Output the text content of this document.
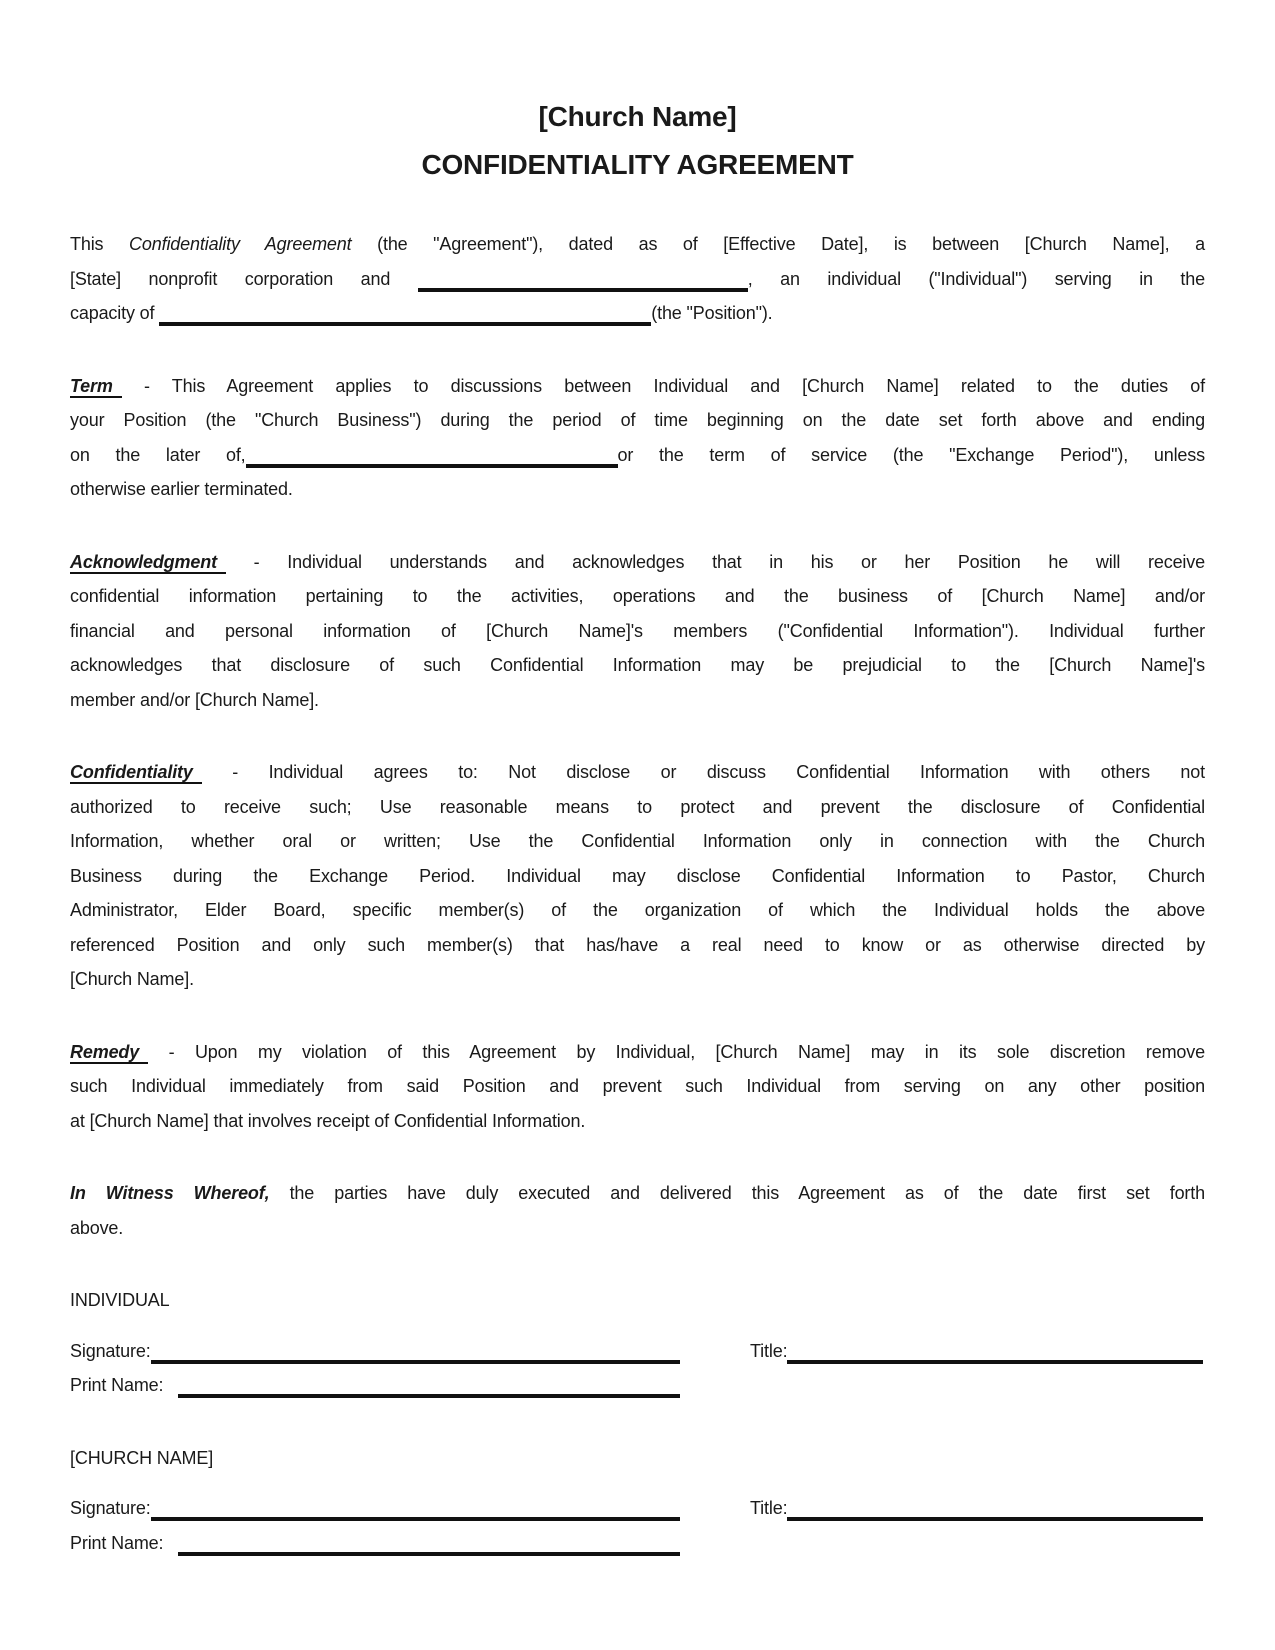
[Church Name]
CONFIDENTIALITY AGREEMENT
This Confidentiality Agreement (the "Agreement"), dated as of [Effective Date], is between [Church Name], a
[State] nonprofit corporation and	, an individual ("Individual") serving in the
capacity of	(the "Position").
Term - This Agreement applies to discussions between Individual and [Church Name] related to the duties of
your Position (the "Church Business") during the period of time beginning on the date set forth above and ending
on the later of,	or the term of service (the "Exchange Period"), unless
otherwise earlier terminated.
Acknowledgment - Individual understands and acknowledges that in his or her Position he will receive
confidential information pertaining to the activities, operations and the business of [Church Name] and/or
financial and personal information of [Church Name]'s members ("Confidential Information"). Individual further
acknowledges that disclosure of such Confidential Information may be prejudicial to the [Church Name]'s
member and/or [Church Name].
Confidentiality - Individual agrees to: Not disclose or discuss Confidential Information with others not
authorized to receive such; Use reasonable means to protect and prevent the disclosure of Confidential
Information, whether oral or written; Use the Confidential Information only in connection with the Church
Business during the Exchange Period. Individual may disclose Confidential Information to Pastor, Church
Administrator, Elder Board, specific member(s) of the organization of which the Individual holds the above
referenced Position and only such member(s) that has/have a real need to know or as otherwise directed by
[Church Name].
Remedy - Upon my violation of this Agreement by Individual, [Church Name] may in its sole discretion remove
such Individual immediately from said Position and prevent such Individual from serving on any other position
at [Church Name] that involves receipt of Confidential Information.
In Witness Whereof, the parties have duly executed and delivered this Agreement as of the date first set forth
above.
INDIVIDUAL
Signature:	Title:
Print Name:
[CHURCH NAME]
Signature:	Title:
Print Name:
